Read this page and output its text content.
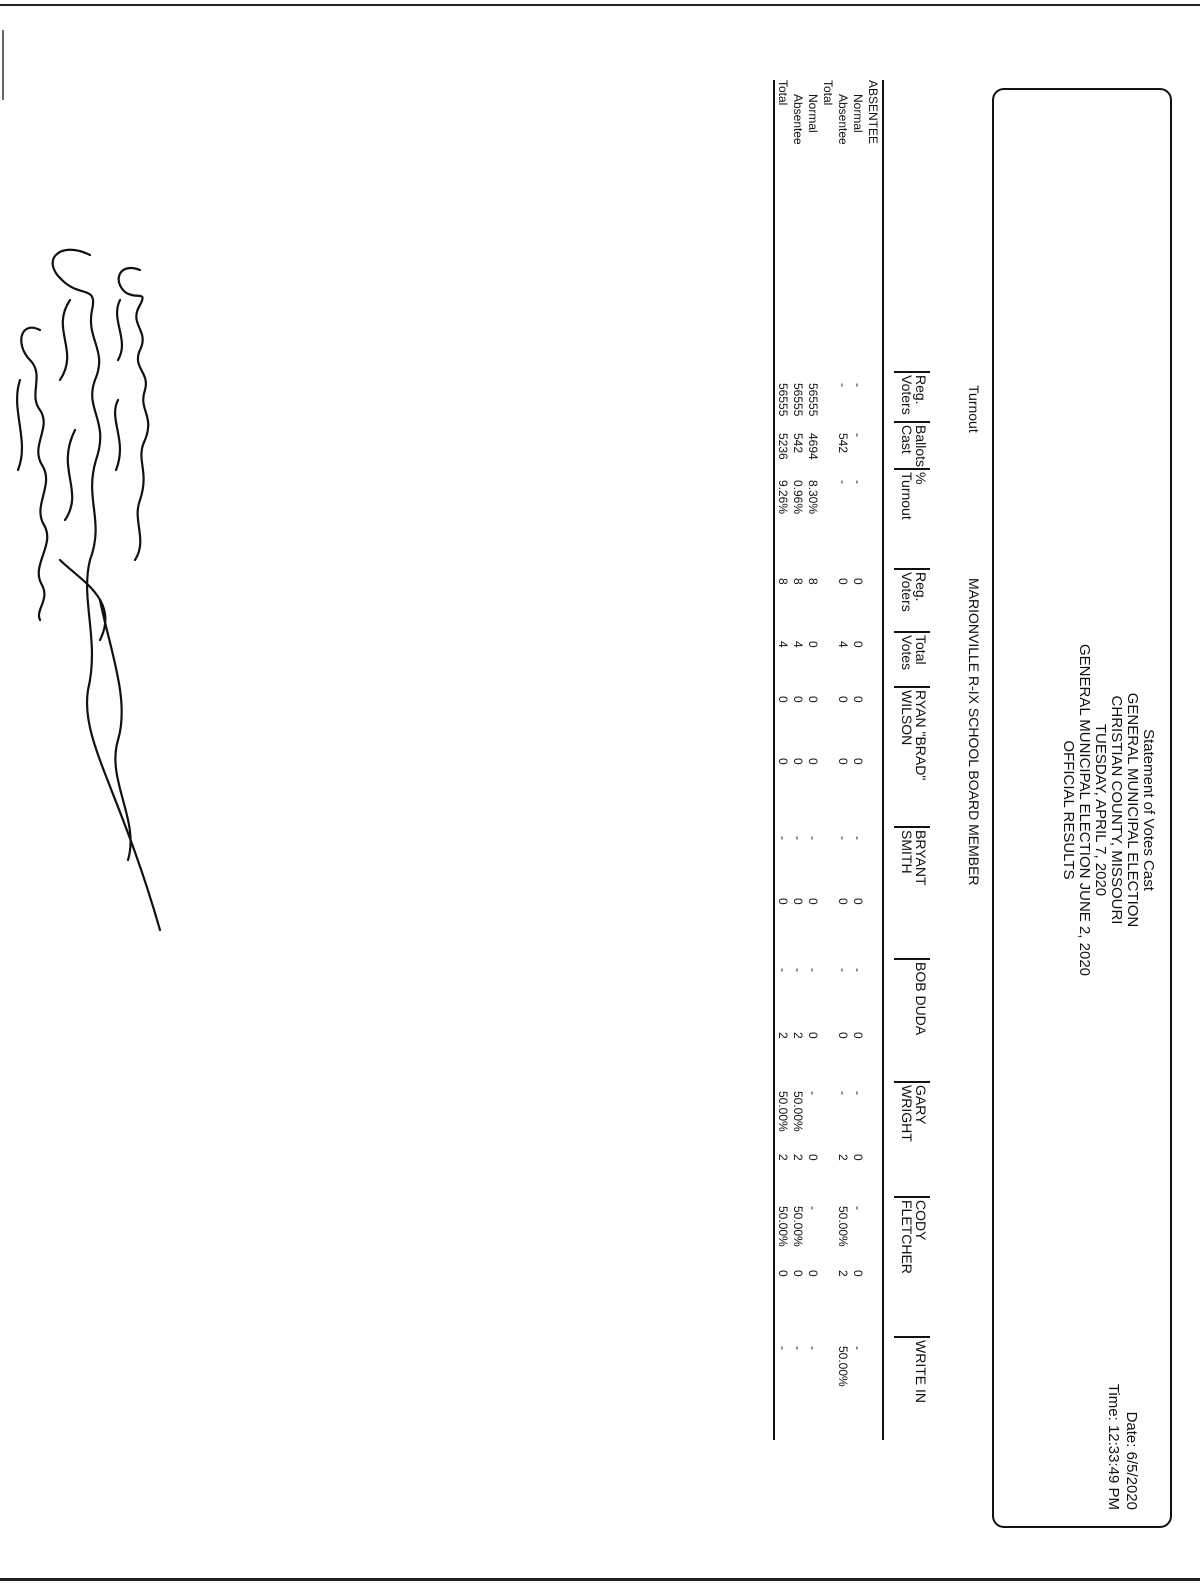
Statement of Votes Cast
GENERAL MUNICIPAL ELECTION
CHRISTIAN COUNTY, MISSOURI
TUESDAY, APRIL 7, 2020
GENERAL MUNICIPAL ELECTION JUNE 2, 2020
OFFICIAL RESULTS
Date: 6/5/2020
Time: 12:33:49 PM
Turnout
MARIONVILLE R-IX SCHOOL BOARD MEMBER
Reg.
Voters
Ballots
Cast
%
Turnout
Reg.
Voters
Total
Votes
RYAN "BRAD"
WILSON
BRYANT
SMITH
BOB DUDA
GARY
WRIGHT
CODY
FLETCHER
WRITE IN
ABSENTEE
Normal
-
-
-
0
0
0
0
-
0
-
0
-
0
-
0
-
Absentee
-
542
-
0
4
0
0
-
0
-
0
-
2
50.00%
2
50.00%
Total
Normal
56555
4694
8.30%
8
0
0
0
-
0
-
0
-
0
-
0
-
Absentee
56555
542
0.96%
8
4
0
0
-
0
-
2
50.00%
2
50.00%
0
-
Total
56555
5236
9.26%
8
4
0
0
-
0
-
2
50.00%
2
50.00%
0
-
